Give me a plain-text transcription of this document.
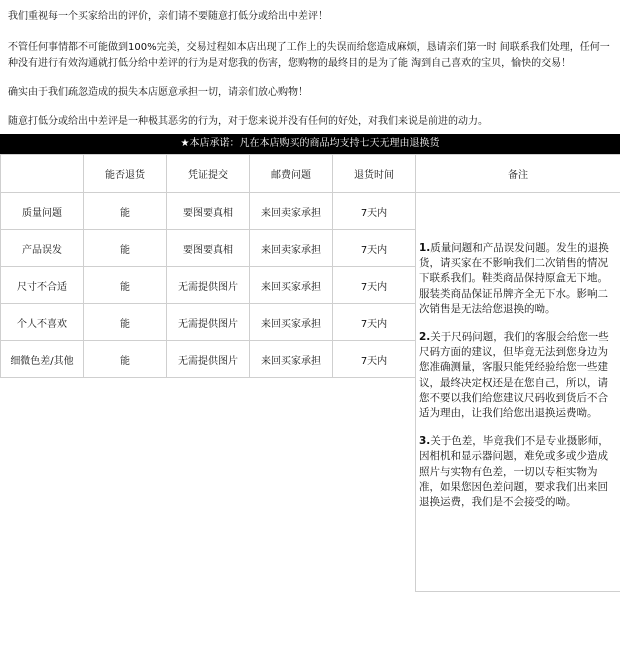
我们重视每一个买家给出的评价，亲们请不要随意打低分或给出中差评！
不管任何事情都不可能做到100%完美，交易过程如本店出现了工作上的失误而给您造成麻烦，恳请亲们第一时 间联系我们处理，任何一种没有进行有效沟通就打低分给中差评的行为是对您我的伤害，您购物的最终目的是为了能 淘到自己喜欢的宝贝，愉快的交易！
确实由于我们疏忽造成的损失本店愿意承担一切，请亲们放心购物！
随意打低分或给出中差评是一种极其恶劣的行为，对于您来说并没有任何的好处，对我们来说是前进的动力。
★本店承诺：凡在本店购买的商品均支持七天无理由退换货
	能否退货	凭证提交	邮费问题	退货时间	备注
质量问题	能	要图要真相	来回卖家承担	7天内	1.质量问题和产品误发问题。发生的退换货，请买家在不影响我们二次销售的情况下联系我们。鞋类商品保持原盒无下地。服装类商品保证吊牌齐全无下水。影响二次销售是无法给您退换的呦。

2.关于尺码问题，我们的客服会给您一些尺码方面的建议，但毕竟无法到您身边为您准确测量，客服只能凭经验给您一些建议，最终决定权还是在您自己，所以，请您不要以我们给您建议尺码收到货后不合适为理由，让我们给您出退换运费呦。

3.关于色差，毕竟我们不是专业摄影师，因相机和显示器问题，难免或多或少造成照片与实物有色差，一切以专柜实物为准，如果您因色差问题，要求我们出来回退换运费，我们是不会接受的呦。

产品误发	能	要图要真相	来回卖家承担	7天内	
尺寸不合适	能	无需提供图片	来回买家承担	7天内	
个人不喜欢	能	无需提供图片	来回买家承担	7天内	
细微色差/其他	能	无需提供图片	来回买家承担	7天内	
